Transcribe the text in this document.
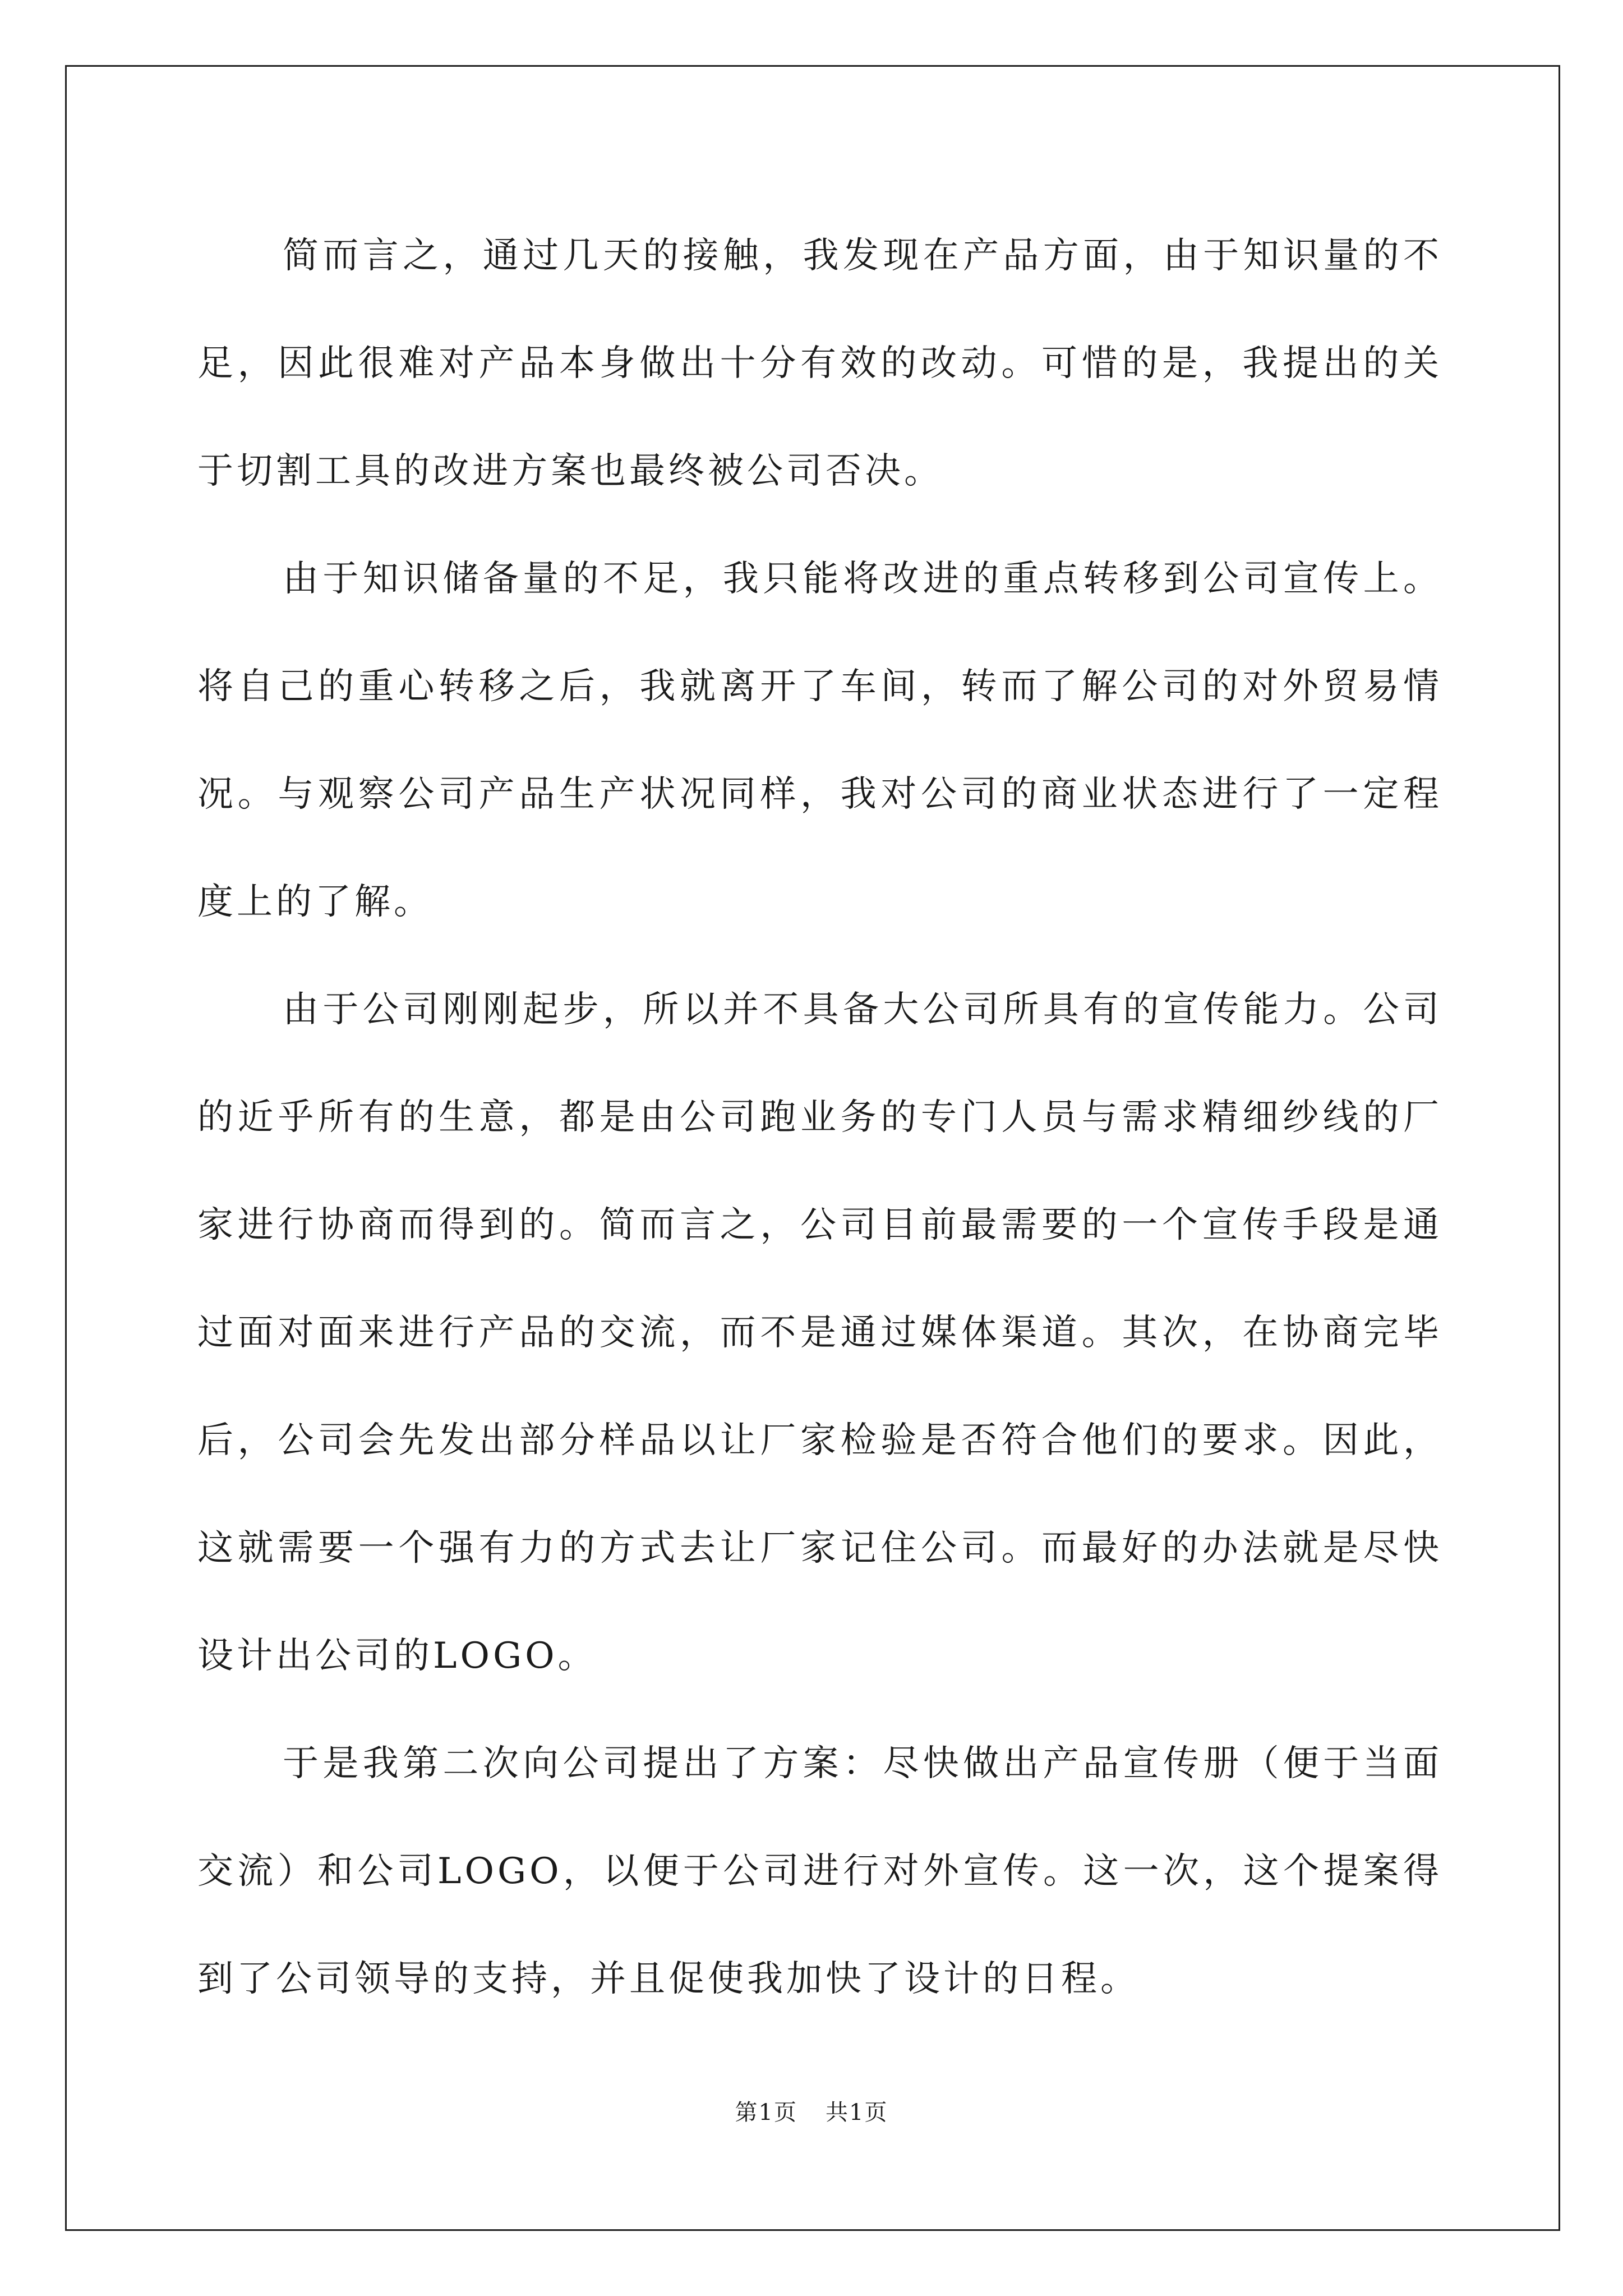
简而言之，通过几天的接触，我发现在产品方面，由于知识量的不足，因此很难对产品本身做出十分有效的改动。可惜的是，我提出的关于切割工具的改进方案也最终被公司否决。

由于知识储备量的不足，我只能将改进的重点转移到公司宣传上。将自己的重心转移之后，我就离开了车间，转而了解公司的对外贸易情况。与观察公司产品生产状况同样，我对公司的商业状态进行了一定程度上的了解。

由于公司刚刚起步，所以并不具备大公司所具有的宣传能力。公司的近乎所有的生意，都是由公司跑业务的专门人员与需求精细纱线的厂家进行协商而得到的。简而言之，公司目前最需要的一个宣传手段是通过面对面来进行产品的交流，而不是通过媒体渠道。其次，在协商完毕后，公司会先发出部分样品以让厂家检验是否符合他们的要求。因此，这就需要一个强有力的方式去让厂家记住公司。而最好的办法就是尽快设计出公司的LOGO。

于是我第二次向公司提出了方案：尽快做出产品宣传册（便于当面交流）和公司LOGO，以便于公司进行对外宣传。这一次，这个提案得到了公司领导的支持，并且促使我加快了设计的日程。

第1页 共1页
